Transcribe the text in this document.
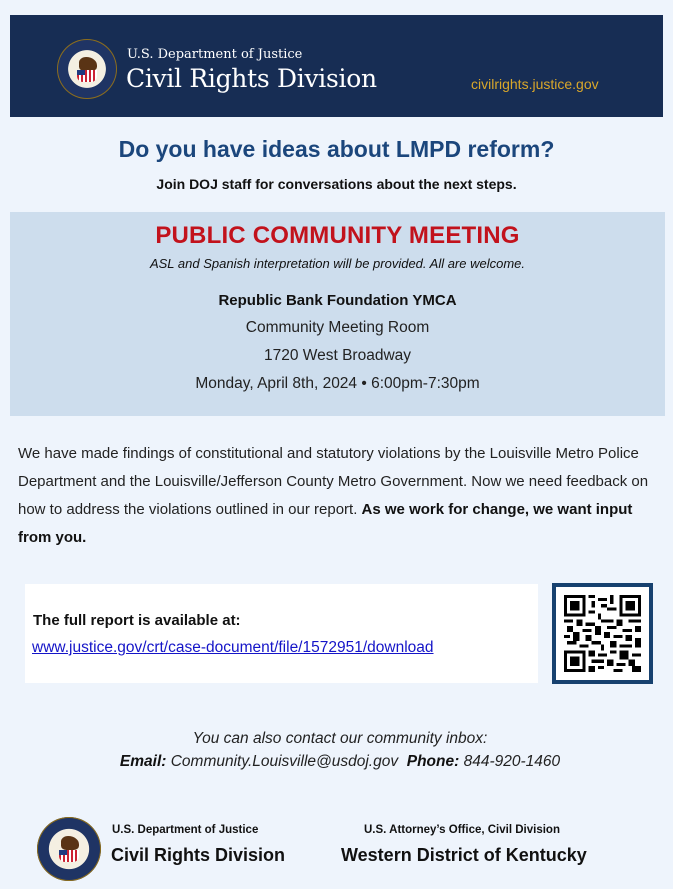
U.S. Department of Justice
Civil Rights Division	civilrights.justice.gov
Do you have ideas about LMPD reform?
Join DOJ staff for conversations about the next steps.
PUBLIC COMMUNITY MEETING
ASL and Spanish interpretation will be provided. All are welcome.
Republic Bank Foundation YMCA
Community Meeting Room
1720 West Broadway
Monday, April 8th, 2024 • 6:00pm-7:30pm
We have made findings of constitutional and statutory violations by the Louisville Metro Police Department and the Louisville/Jefferson County Metro Government. Now we need feedback on how to address the violations outlined in our report. As we work for change, we want input from you.
The full report is available at:
www.justice.gov/crt/case-document/file/1572951/download
You can also contact our community inbox:
Email: Community.Louisville@usdoj.gov Phone: 844-920-1460
U.S. Department of Justice
Civil Rights Division
U.S. Attorney’s Office, Civil Division
Western District of Kentucky
